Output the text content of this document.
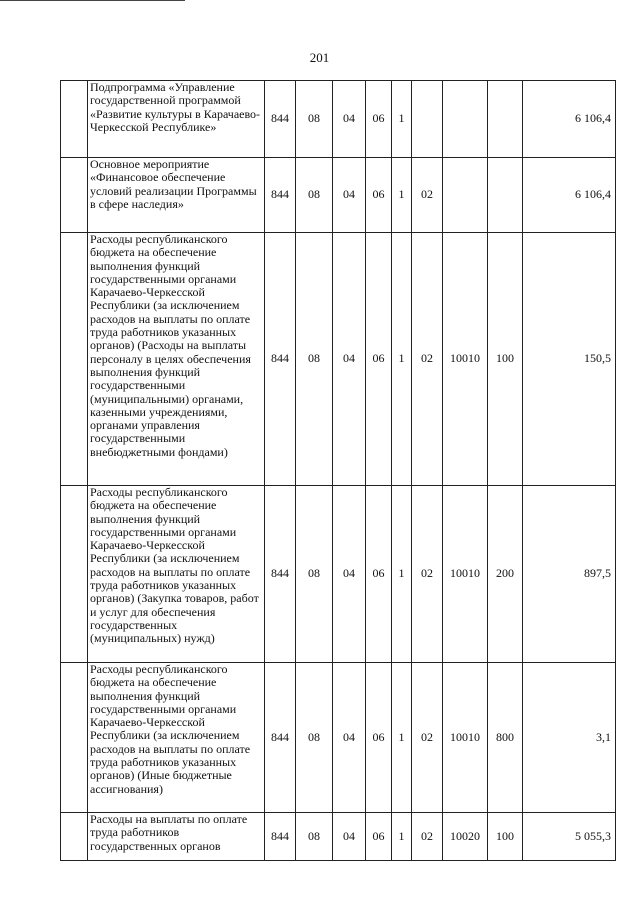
201
	Подпрограмма «Управление государственной программой «Развитие культуры в Карачаево-Черкесской Республике»	844	08	04	06	1				6 106,4
	Основное мероприятие «Финансовое обеспечение условий реализации Программы в сфере наследия»	844	08	04	06	1	02			6 106,4
	Расходы республиканского бюджета на обеспечение выполнения функций государственными органами Карачаево-Черкесской Республики (за исключением расходов на выплаты по оплате труда работников указанных органов) (Расходы на выплаты персоналу в целях обеспечения выполнения функций государственными (муниципальными) органами, казенными учреждениями, органами управления государственными внебюджетными фондами)	844	08	04	06	1	02	10010	100	150,5
	Расходы республиканского бюджета на обеспечение выполнения функций государственными органами Карачаево-Черкесской Республики (за исключением расходов на выплаты по оплате труда работников указанных органов) (Закупка товаров, работ и услуг для обеспечения государственных (муниципальных) нужд)	844	08	04	06	1	02	10010	200	897,5
	Расходы республиканского бюджета на обеспечение выполнения функций государственными органами Карачаево-Черкесской Республики (за исключением расходов на выплаты по оплате труда работников указанных органов) (Иные бюджетные ассигнования)	844	08	04	06	1	02	10010	800	3,1
	Расходы на выплаты по оплате труда работников государственных органов	844	08	04	06	1	02	10020	100	5 055,3
